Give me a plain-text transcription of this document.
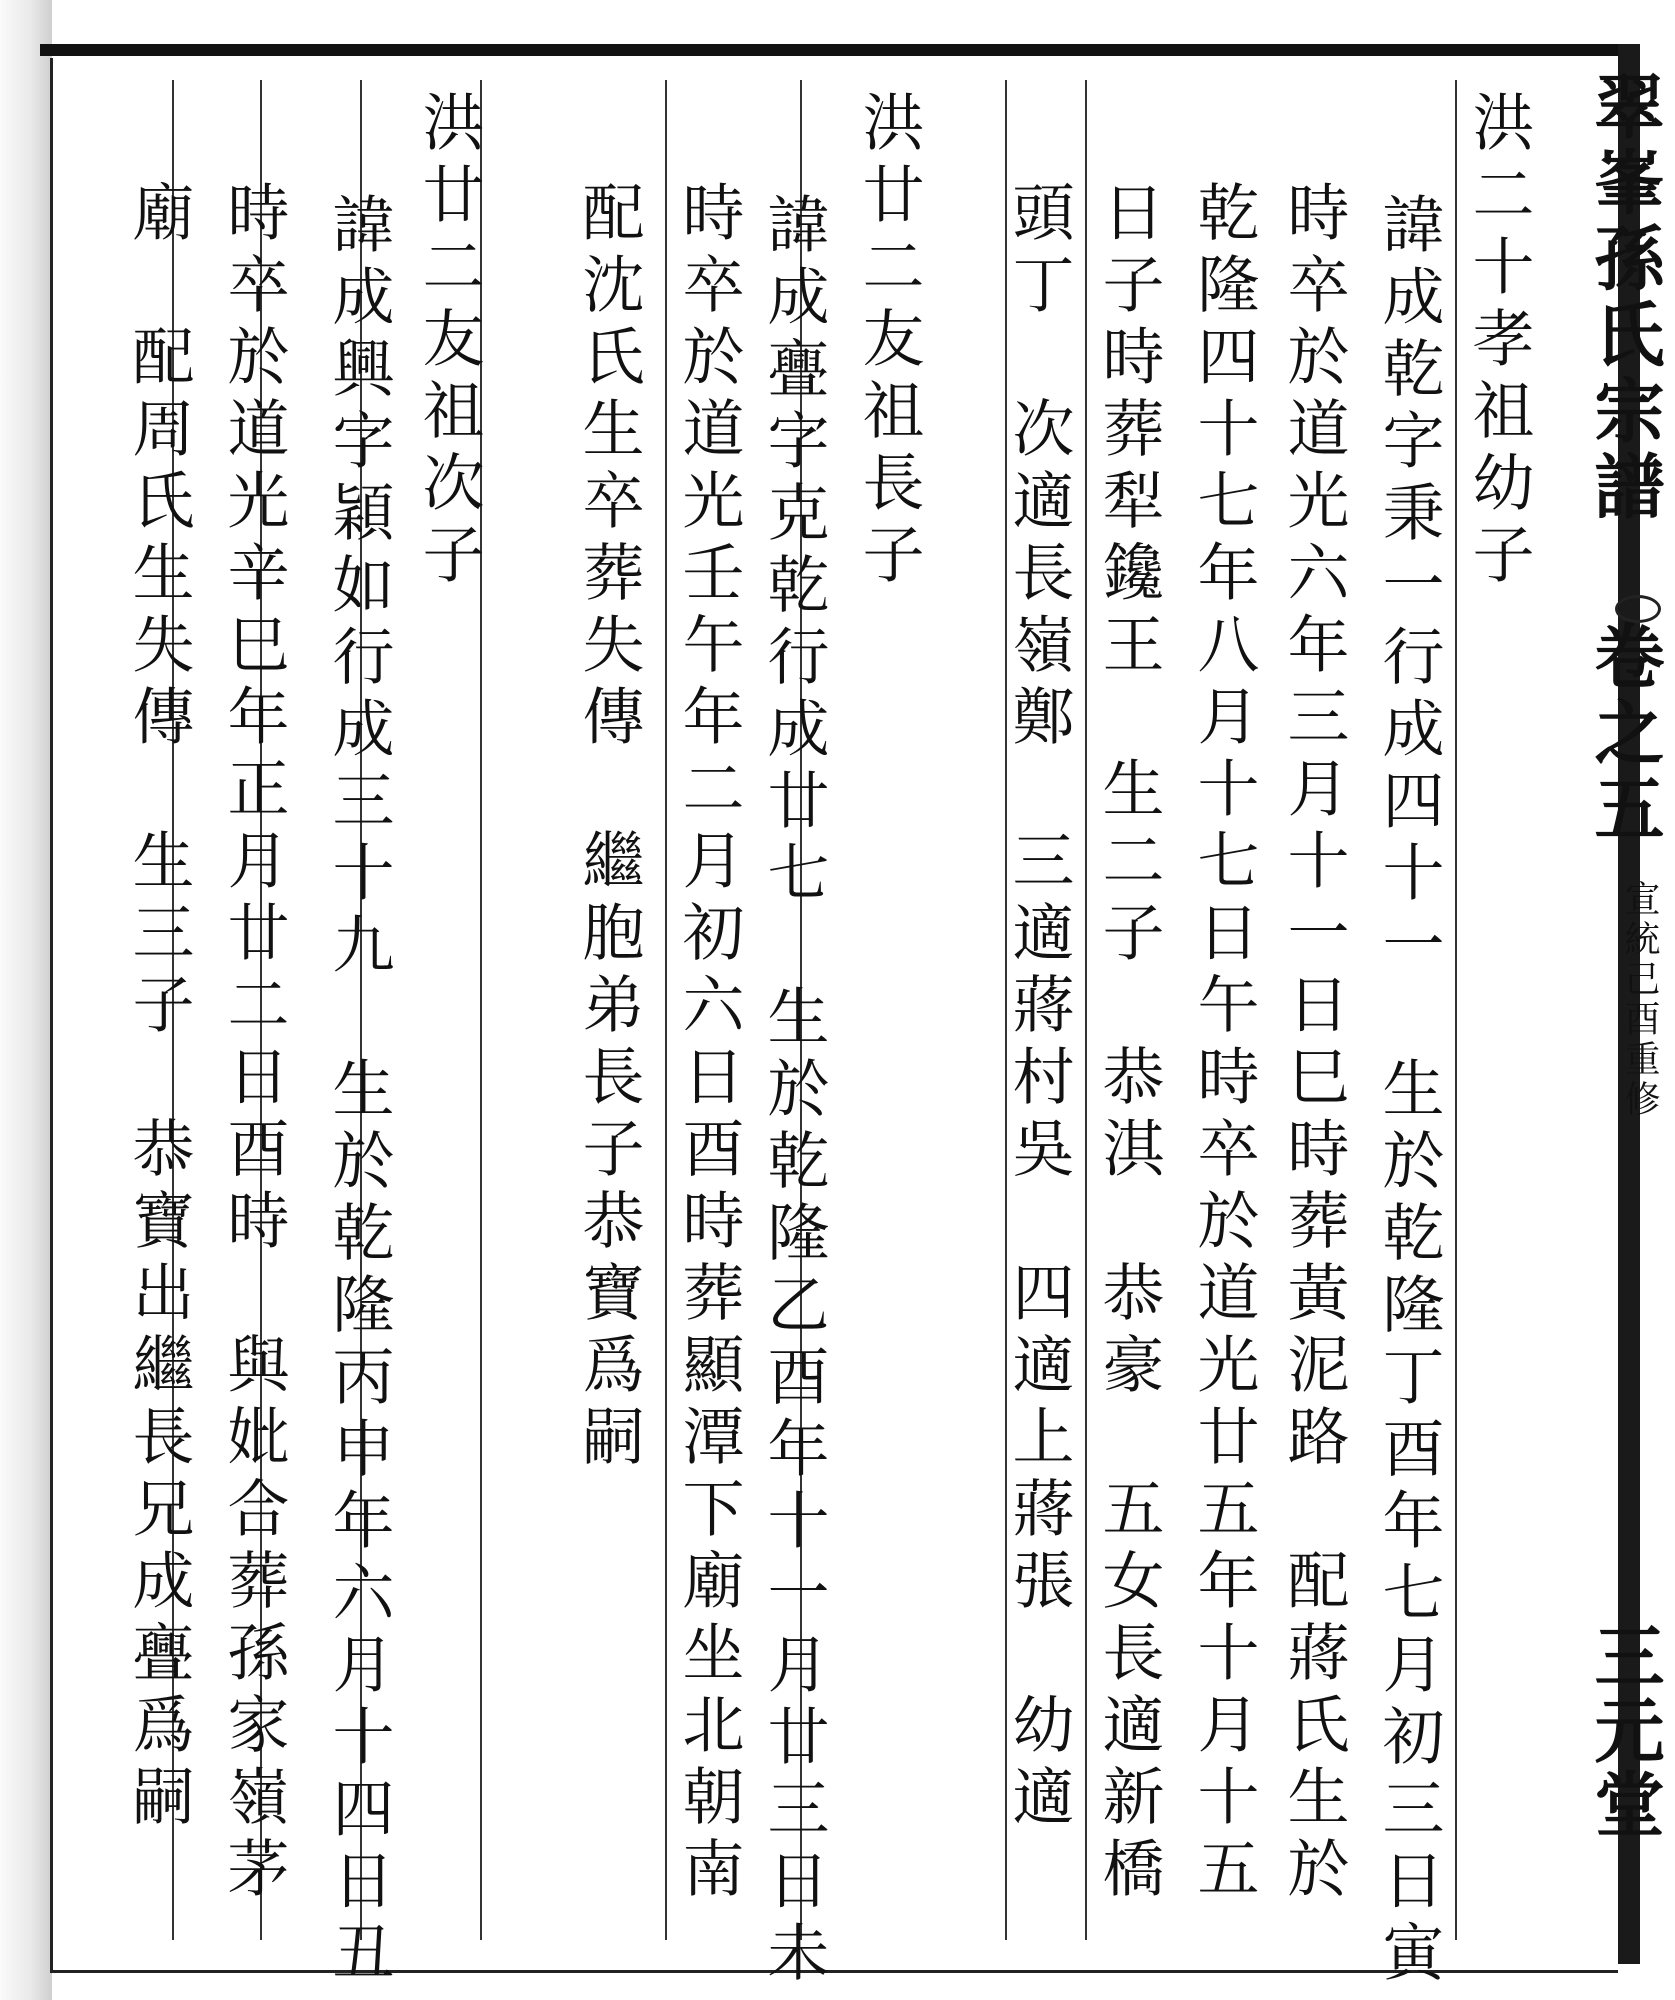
翠峯孫氏宗譜
卷之五
宣統己酉重修
三元堂
洪二十孝祖幼子
　諱成乾字秉一行成四十一　生於乾隆丁酉年七月初三日寅
時卒於道光六年三月十一日巳時葬黃泥路　配蔣氏生於
乾隆四十七年八月十七日午時卒於道光廿五年十月十五
日子時葬犁鑱王　生二子　恭淇　恭豪　五女長適新橋
頭丁　次適長嶺鄭　三適蔣村吳　四適上蔣張　幼適
洪廿二友祖長子
　諱成亹字克乾行成廿七　生於乾隆乙酉年十一月廿三日未
時卒於道光壬午年二月初六日酉時葬顯潭下廟坐北朝南
配沈氏生卒葬失傳　繼胞弟長子恭寶爲嗣
洪廿二友祖次子
　諱成興字穎如行成三十九　生於乾隆丙申年六月十四日丑
時卒於道光辛巳年正月廿二日酉時　與妣合葬孫家嶺茅
廟　配周氏生失傳　生三子　恭寶出繼長兄成亹爲嗣
